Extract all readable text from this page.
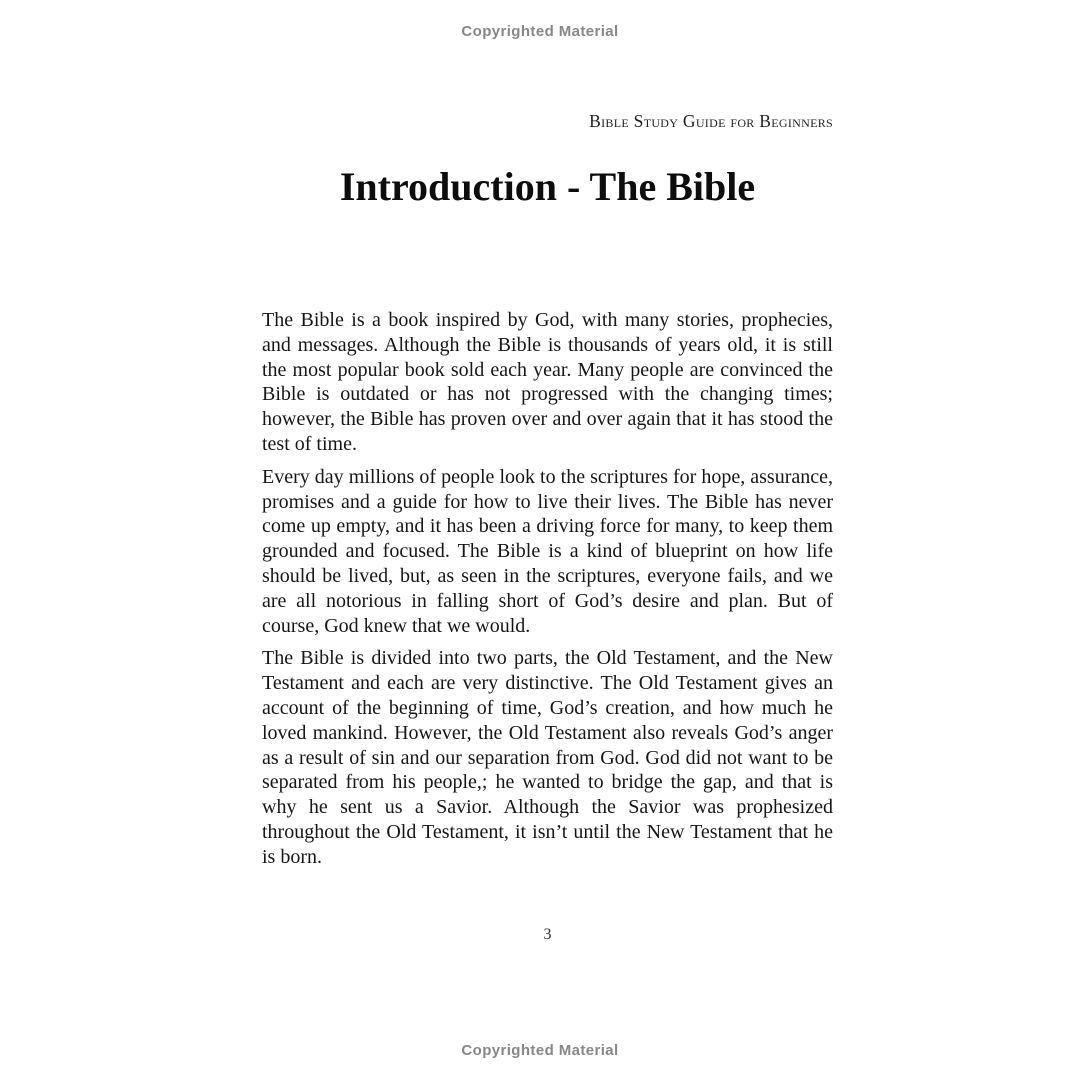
Copyrighted Material
Bible Study Guide for Beginners
Introduction - The Bible

The Bible is a book inspired by God, with many stories, prophecies, and messages. Although the Bible is thousands of years old, it is still the most popular book sold each year. Many people are convinced the Bible is outdated or has not progressed with the changing times; however, the Bible has proven over and over again that it has stood the test of time.

Every day millions of people look to the scriptures for hope, assurance, promises and a guide for how to live their lives. The Bible has never come up empty, and it has been a driving force for many, to keep them grounded and focused. The Bible is a kind of blueprint on how life should be lived, but, as seen in the scriptures, everyone fails, and we are all notorious in falling short of God’s desire and plan. But of course, God knew that we would.

The Bible is divided into two parts, the Old Testament, and the New Testament and each are very distinctive. The Old Testament gives an account of the beginning of time, God’s creation, and how much he loved mankind. However, the Old Testament also reveals God’s anger as a result of sin and our separation from God. God did not want to be separated from his people,; he wanted to bridge the gap, and that is why he sent us a Savior. Although the Savior was prophesized throughout the Old Testament, it isn’t until the New Testament that he is born.

3
Copyrighted Material
